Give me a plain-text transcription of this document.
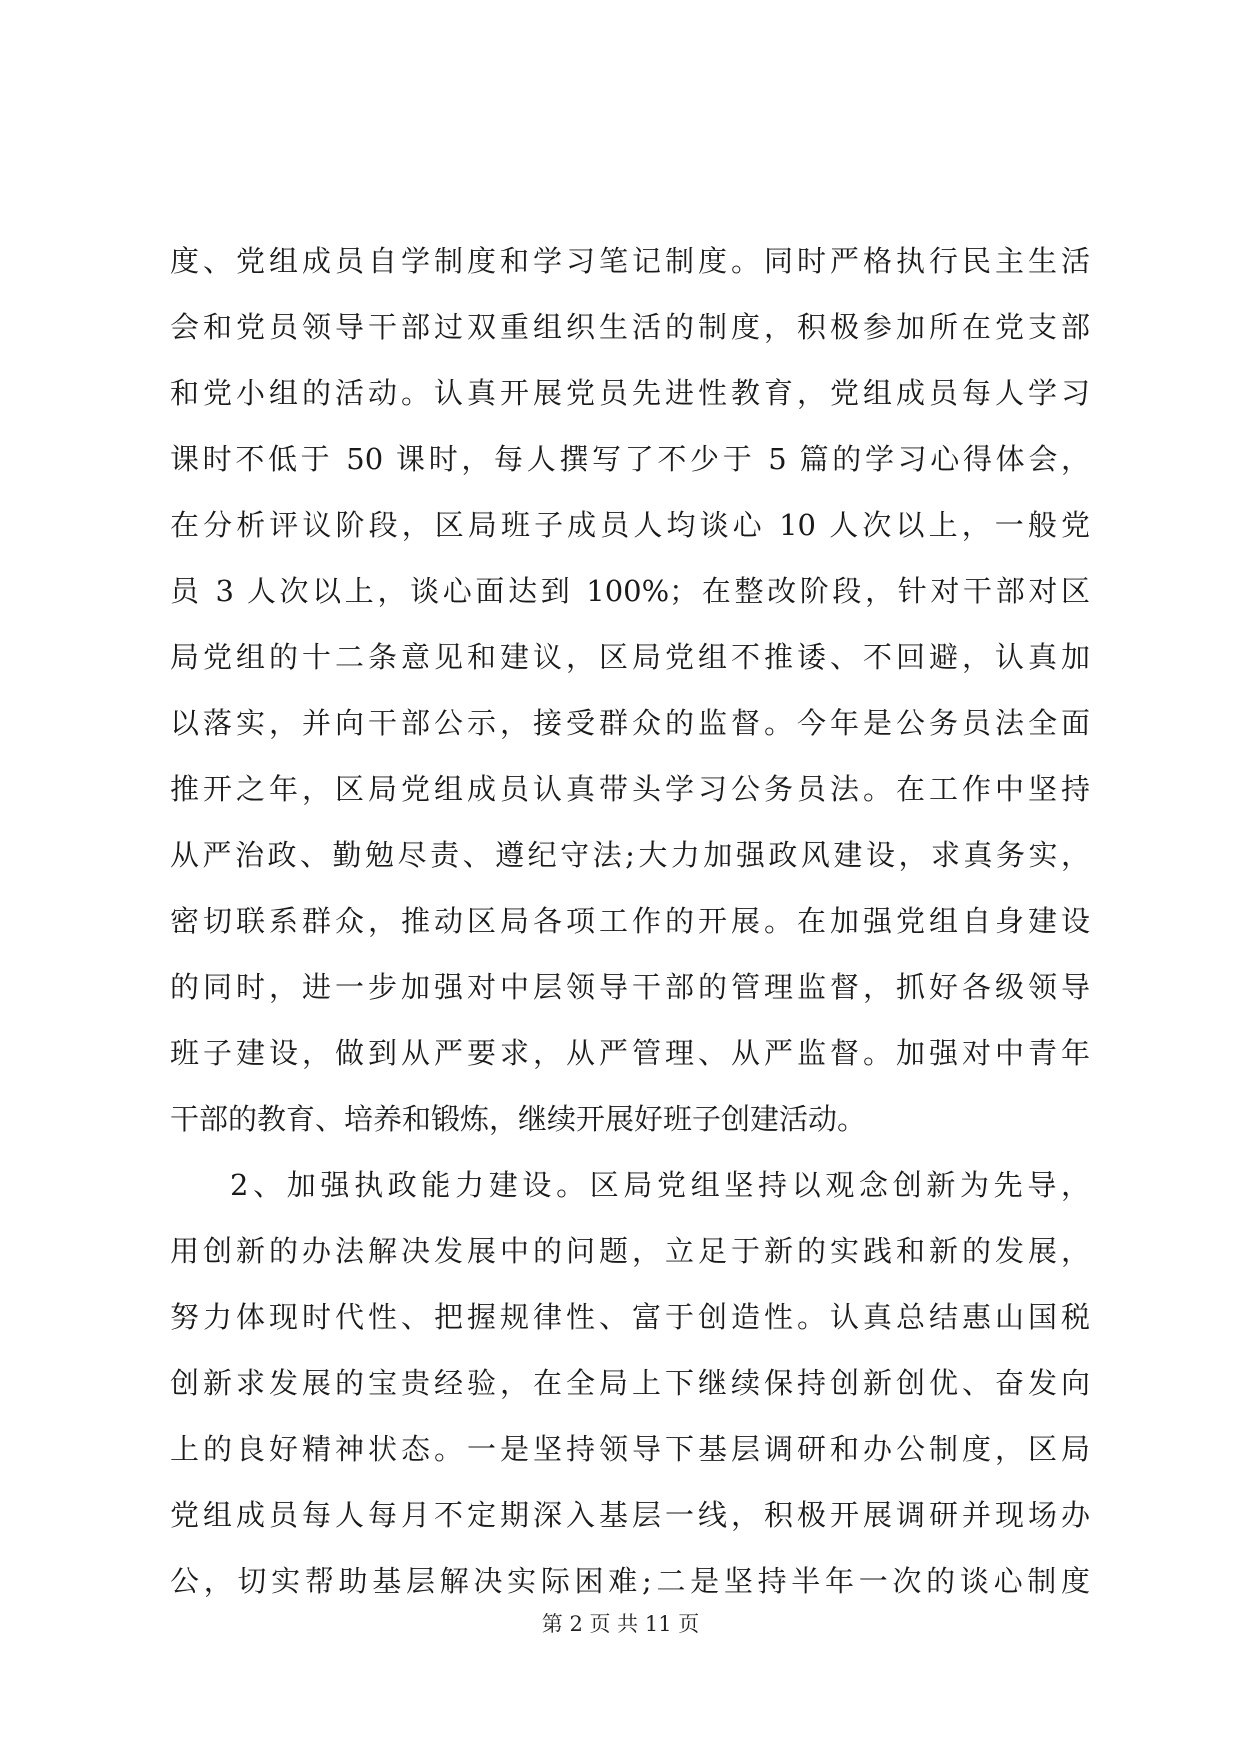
度、党组成员自学制度和学习笔记制度。同时严格执行民主生活
会和党员领导干部过双重组织生活的制度，积极参加所在党支部
和党小组的活动。认真开展党员先进性教育，党组成员每人学习
课时不低于 50 课时，每人撰写了不少于 5 篇的学习心得体会，
在分析评议阶段，区局班子成员人均谈心 10 人次以上，一般党
员 3 人次以上，谈心面达到 100%；在整改阶段，针对干部对区
局党组的十二条意见和建议，区局党组不推诿、不回避，认真加
以落实，并向干部公示，接受群众的监督。今年是公务员法全面
推开之年，区局党组成员认真带头学习公务员法。在工作中坚持
从严治政、勤勉尽责、遵纪守法;大力加强政风建设，求真务实，
密切联系群众，推动区局各项工作的开展。在加强党组自身建设
的同时，进一步加强对中层领导干部的管理监督，抓好各级领导
班子建设，做到从严要求，从严管理、从严监督。加强对中青年
干部的教育、培养和锻炼，继续开展好班子创建活动。
2、加强执政能力建设。区局党组坚持以观念创新为先导，
用创新的办法解决发展中的问题，立足于新的实践和新的发展，
努力体现时代性、把握规律性、富于创造性。认真总结惠山国税
创新求发展的宝贵经验，在全局上下继续保持创新创优、奋发向
上的良好精神状态。一是坚持领导下基层调研和办公制度，区局
党组成员每人每月不定期深入基层一线，积极开展调研并现场办
公，切实帮助基层解决实际困难;二是坚持半年一次的谈心制度
第 2 页 共 11 页
